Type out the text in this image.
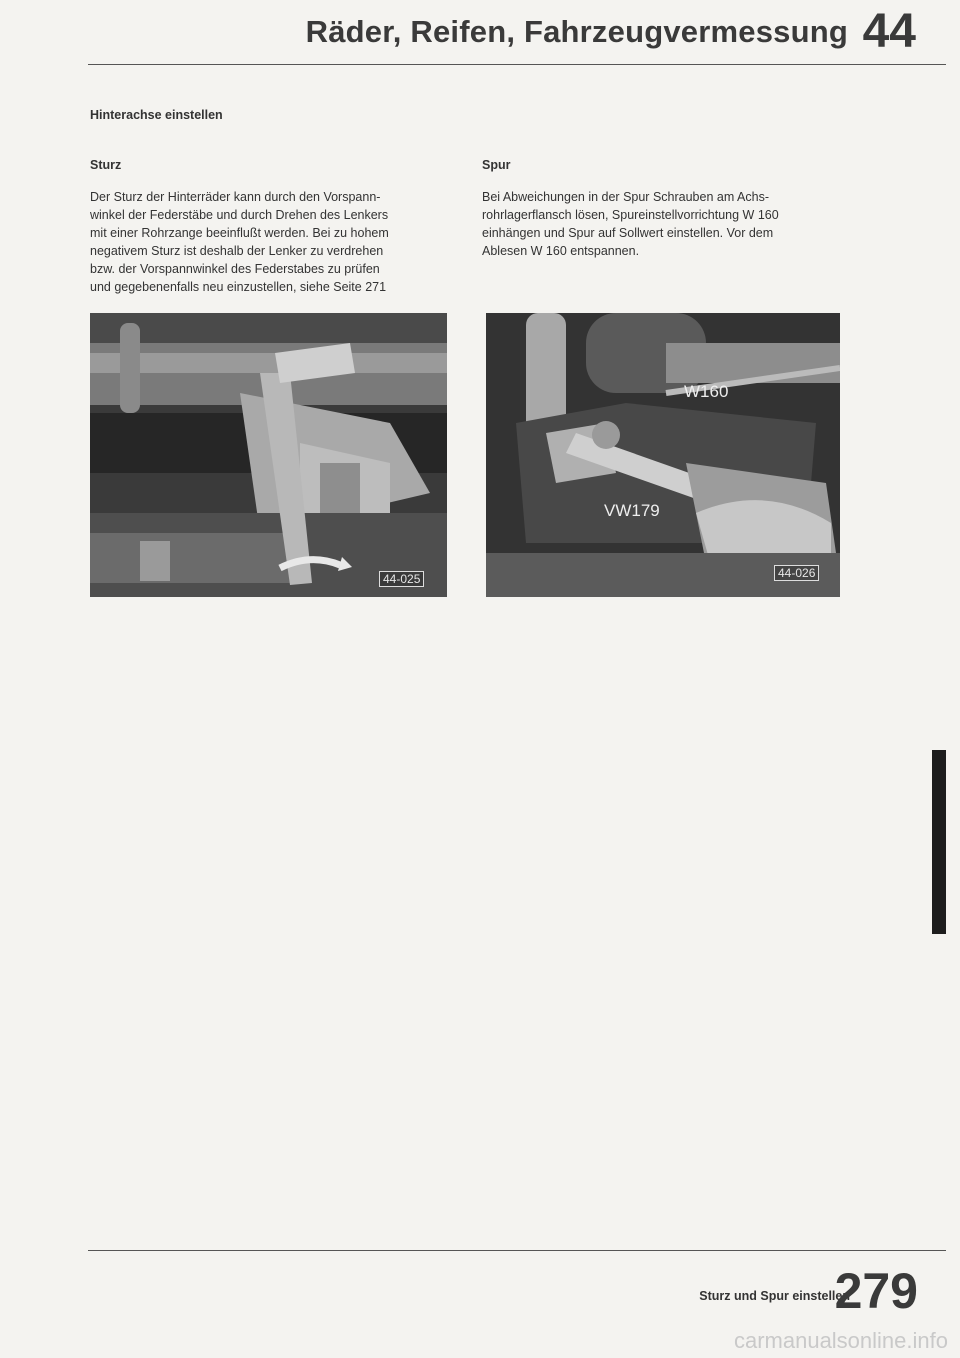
Räder, Reifen, Fahrzeugvermessung 44
Hinterachse einstellen
Sturz
Der Sturz der Hinterräder kann durch den Vorspann-
winkel der Federstäbe und durch Drehen des Lenkers
mit einer Rohrzange beeinflußt werden. Bei zu hohem
negativem Sturz ist deshalb der Lenker zu verdrehen
bzw. der Vorspannwinkel des Federstabes zu prüfen
und gegebenenfalls neu einzustellen, siehe Seite 271
Spur
Bei Abweichungen in der Spur Schrauben am Achs-
rohrlagerflansch lösen, Spureinstellvorrichtung W 160
einhängen und Spur auf Sollwert einstellen. Vor dem
Ablesen W 160 entspannen.
44-025
W160
VW179
44-026
Sturz und Spur einstellen
279
carmanualsonline.info
